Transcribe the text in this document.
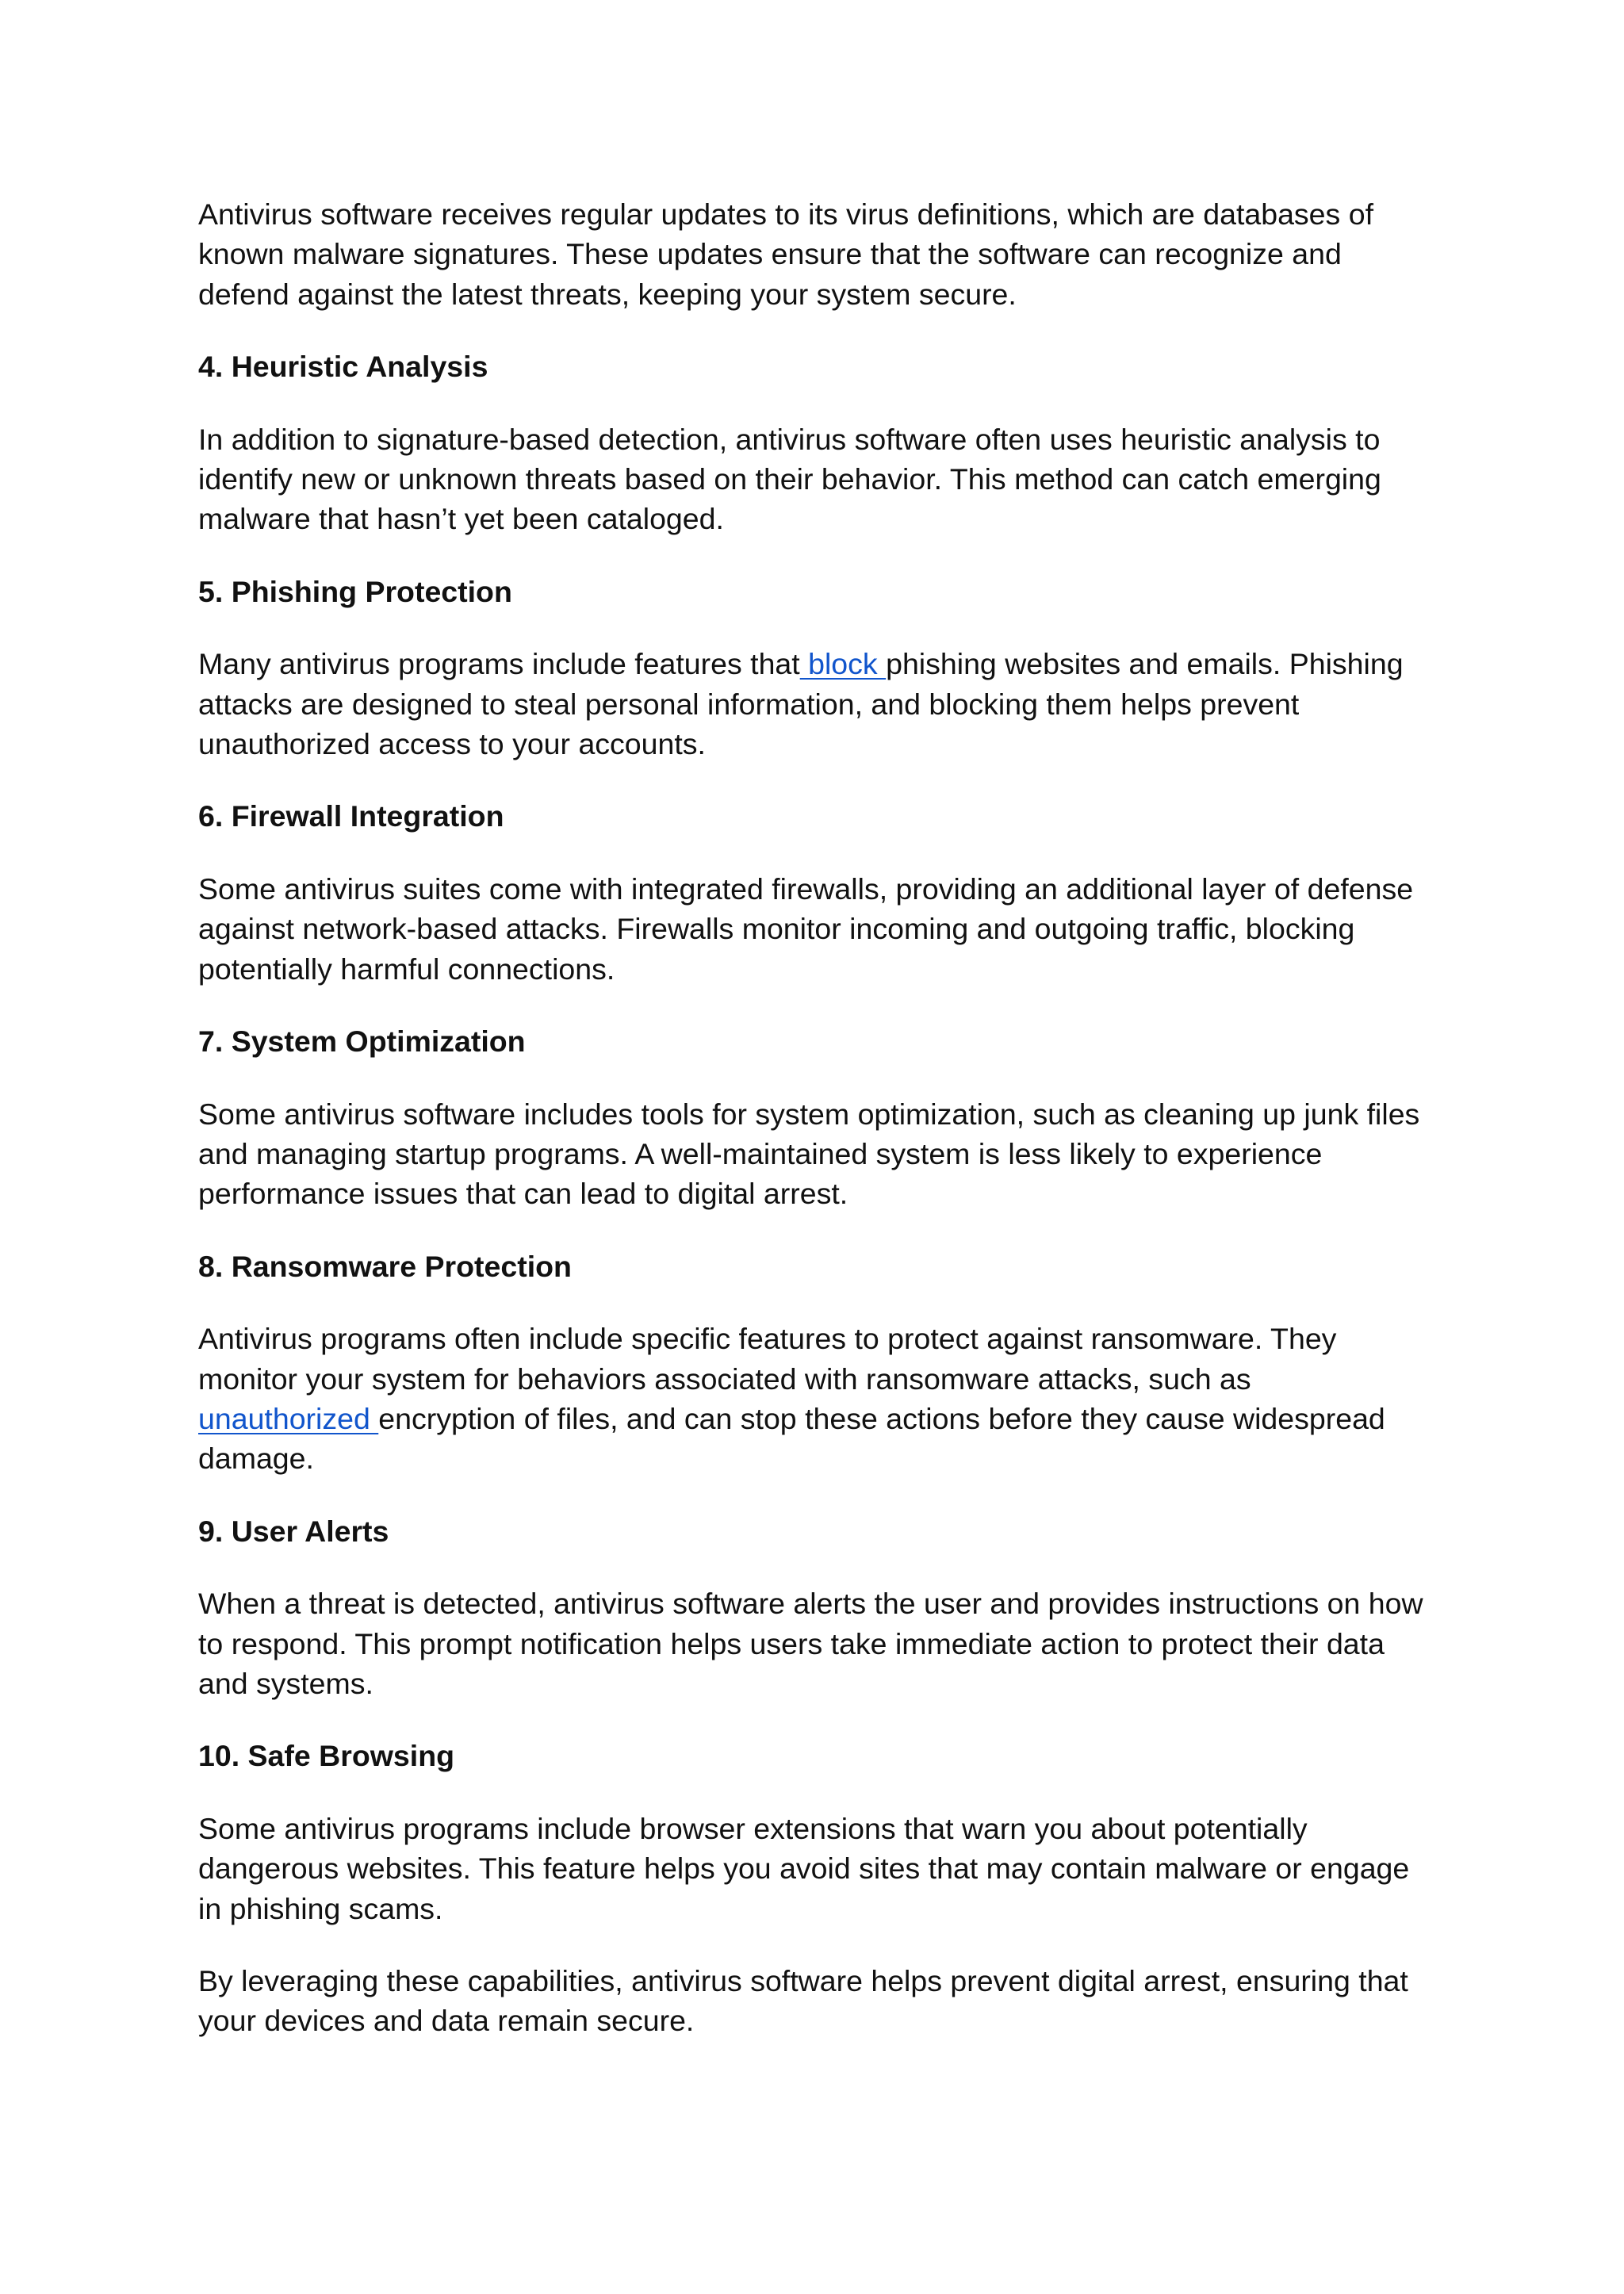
Antivirus software receives regular updates to its virus definitions, which are databases of known malware signatures. These updates ensure that the software can recognize and defend against the latest threats, keeping your system secure.

4. Heuristic Analysis

In addition to signature-based detection, antivirus software often uses heuristic analysis to identify new or unknown threats based on their behavior. This method can catch emerging malware that hasn’t yet been cataloged.

5. Phishing Protection

Many antivirus programs include features that block phishing websites and emails. Phishing attacks are designed to steal personal information, and blocking them helps prevent unauthorized access to your accounts.

6. Firewall Integration

Some antivirus suites come with integrated firewalls, providing an additional layer of defense against network-based attacks. Firewalls monitor incoming and outgoing traffic, blocking potentially harmful connections.

7. System Optimization

Some antivirus software includes tools for system optimization, such as cleaning up junk files and managing startup programs. A well-maintained system is less likely to experience performance issues that can lead to digital arrest.

8. Ransomware Protection

Antivirus programs often include specific features to protect against ransomware. They monitor your system for behaviors associated with ransomware attacks, such as unauthorized encryption of files, and can stop these actions before they cause widespread damage.

9. User Alerts

When a threat is detected, antivirus software alerts the user and provides instructions on how to respond. This prompt notification helps users take immediate action to protect their data and systems.

10. Safe Browsing

Some antivirus programs include browser extensions that warn you about potentially dangerous websites. This feature helps you avoid sites that may contain malware or engage in phishing scams.

By leveraging these capabilities, antivirus software helps prevent digital arrest, ensuring that your devices and data remain secure.
